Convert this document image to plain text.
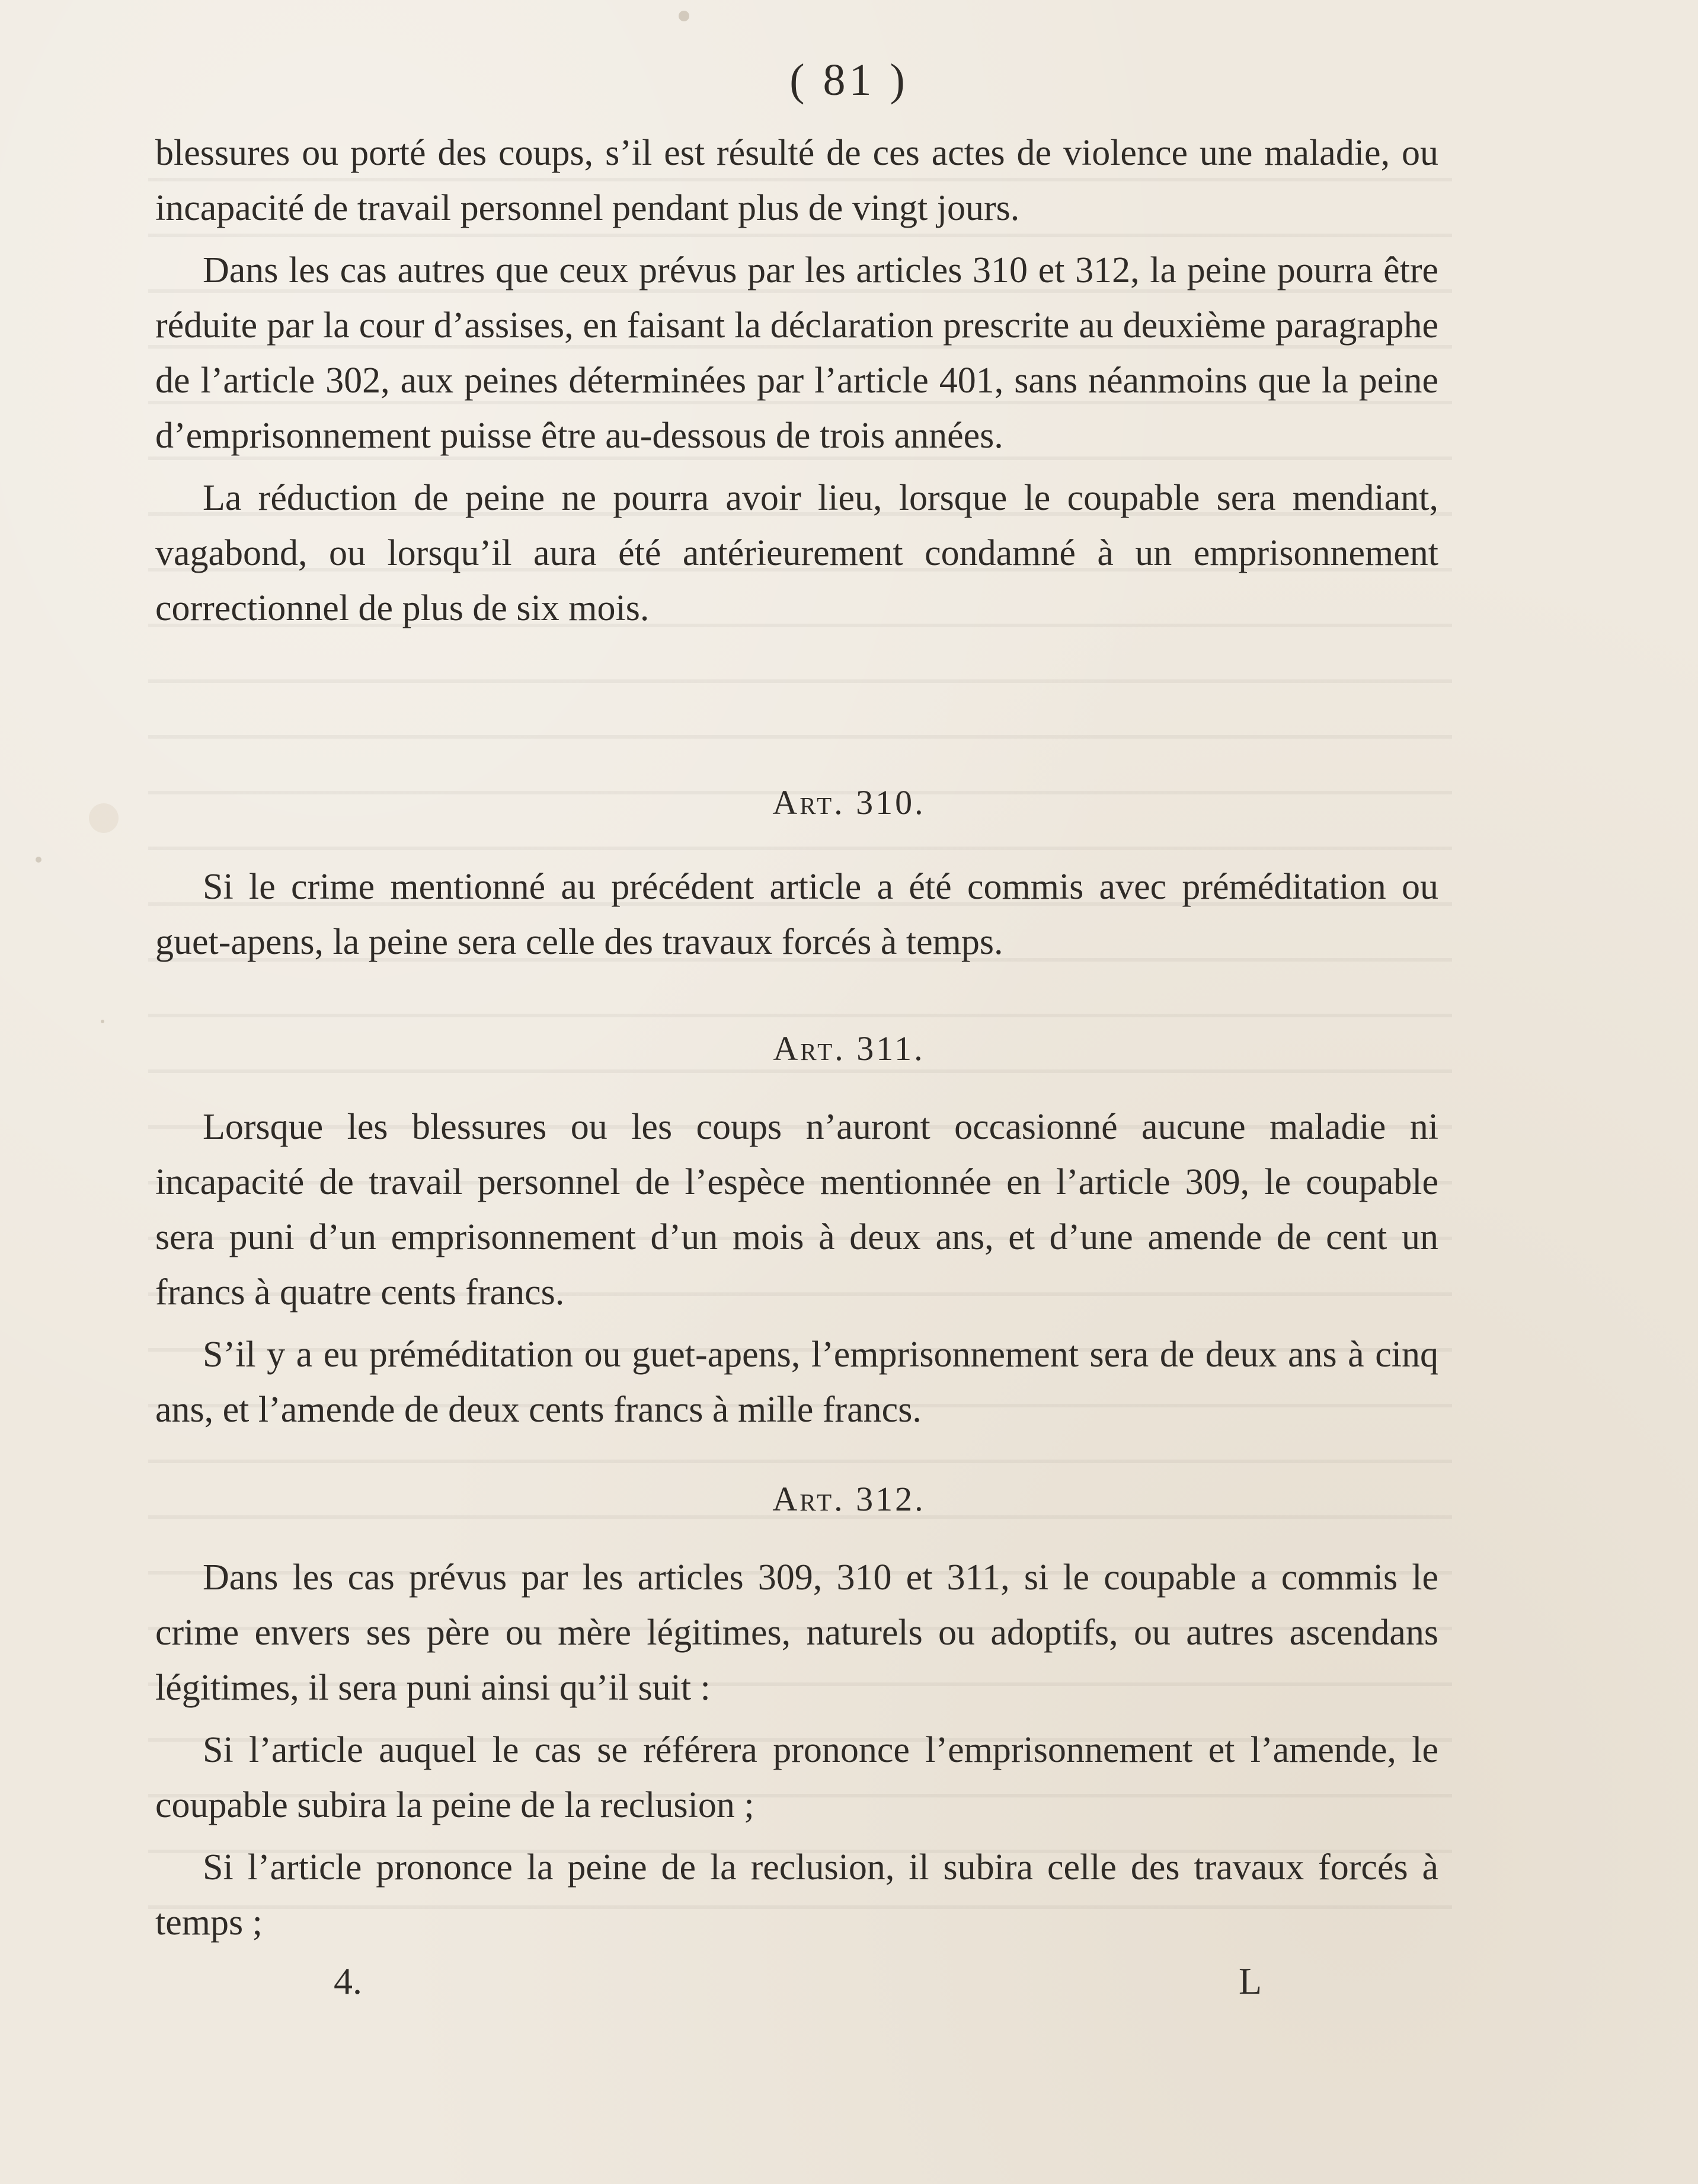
( 81 )

blessures ou porté des coups, s’il est résulté de ces actes de violence une maladie, ou incapacité de travail personnel pendant plus de vingt jours.

Dans les cas autres que ceux prévus par les articles 310 et 312, la peine pourra être réduite par la cour d’assises, en faisant la déclaration prescrite au deuxième paragraphe de l’article 302, aux peines déterminées par l’article 401, sans néanmoins que la peine d’emprisonnement puisse être au-dessous de trois années.

La réduction de peine ne pourra avoir lieu, lorsque le coupable sera mendiant, vagabond, ou lorsqu’il aura été antérieurement condamné à un emprisonnement correctionnel de plus de six mois.

Art. 310.

Si le crime mentionné au précédent article a été commis avec préméditation ou guet-apens, la peine sera celle des travaux forcés à temps.

Art. 311.

Lorsque les blessures ou les coups n’auront occasionné aucune maladie ni incapacité de travail personnel de l’espèce mentionnée en l’article 309, le coupable sera puni d’un emprisonnement d’un mois à deux ans, et d’une amende de cent un francs à quatre cents francs.

S’il y a eu préméditation ou guet-apens, l’emprisonnement sera de deux ans à cinq ans, et l’amende de deux cents francs à mille francs.

Art. 312.

Dans les cas prévus par les articles 309, 310 et 311, si le coupable a commis le crime envers ses père ou mère légitimes, naturels ou adoptifs, ou autres ascendans légitimes, il sera puni ainsi qu’il suit :

Si l’article auquel le cas se référera prononce l’emprisonnement et l’amende, le coupable subira la peine de la reclusion ;

Si l’article prononce la peine de la reclusion, il subira celle des travaux forcés à temps ;

4.	L
